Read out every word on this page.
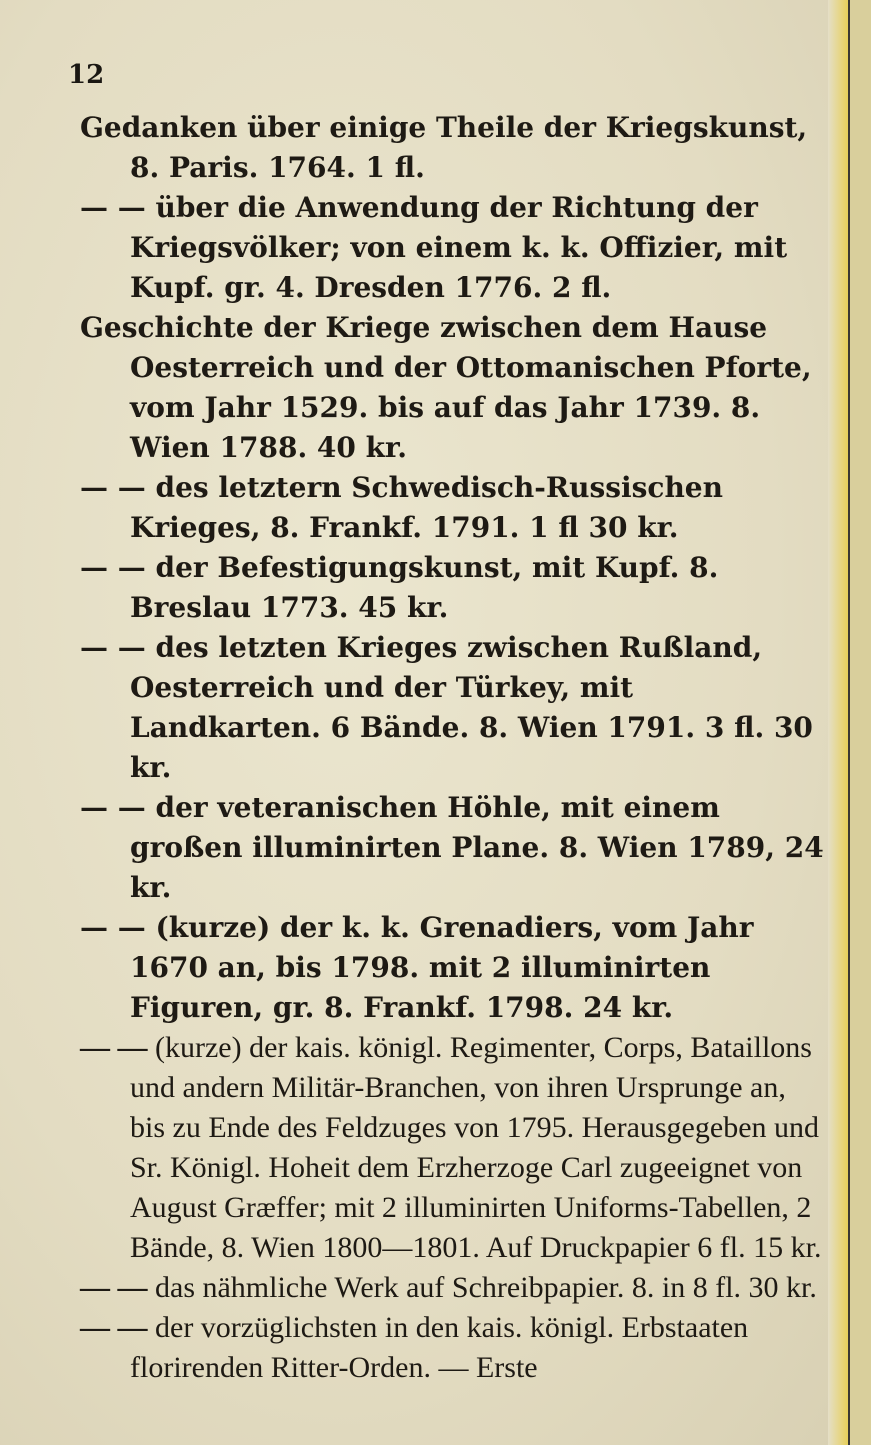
12

Gedanken über einige Theile der Kriegskunst, 8. Paris. 1764. 1 fl.

— — über die Anwendung der Richtung der Kriegsvölker; von einem k. k. Offizier, mit Kupf. gr. 4. Dresden 1776. 2 fl.

Geschichte der Kriege zwischen dem Hause Oesterreich und der Ottomanischen Pforte, vom Jahr 1529. bis auf das Jahr 1739. 8. Wien 1788. 40 kr.

— — des letztern Schwedisch-Russischen Krieges, 8. Frankf. 1791. 1 fl 30 kr.

— — der Befestigungskunst, mit Kupf. 8. Breslau 1773. 45 kr.

— — des letzten Krieges zwischen Rußland, Oesterreich und der Türkey, mit Landkarten. 6 Bände. 8. Wien 1791. 3 fl. 30 kr.

— — der veteranischen Höhle, mit einem großen illuminirten Plane. 8. Wien 1789, 24 kr.

— — (kurze) der k. k. Grenadiers, vom Jahr 1670 an, bis 1798. mit 2 illuminirten Figuren, gr. 8. Frankf. 1798. 24 kr.

— — (kurze) der kais. königl. Regimenter, Corps, Bataillons und andern Militär-Branchen, von ihren Ursprunge an, bis zu Ende des Feldzuges von 1795. Herausgegeben und Sr. Königl. Hoheit dem Erzherzoge Carl zugeeignet von August Græffer; mit 2 illuminirten Uniforms-Tabellen, 2 Bände, 8. Wien 1800—1801. Auf Druckpapier 6 fl. 15 kr.

— — das nähmliche Werk auf Schreibpapier. 8. in 8 fl. 30 kr.

— — der vorzüglichsten in den kais. königl. Erbstaaten florirenden Ritter-Orden. — Erste
